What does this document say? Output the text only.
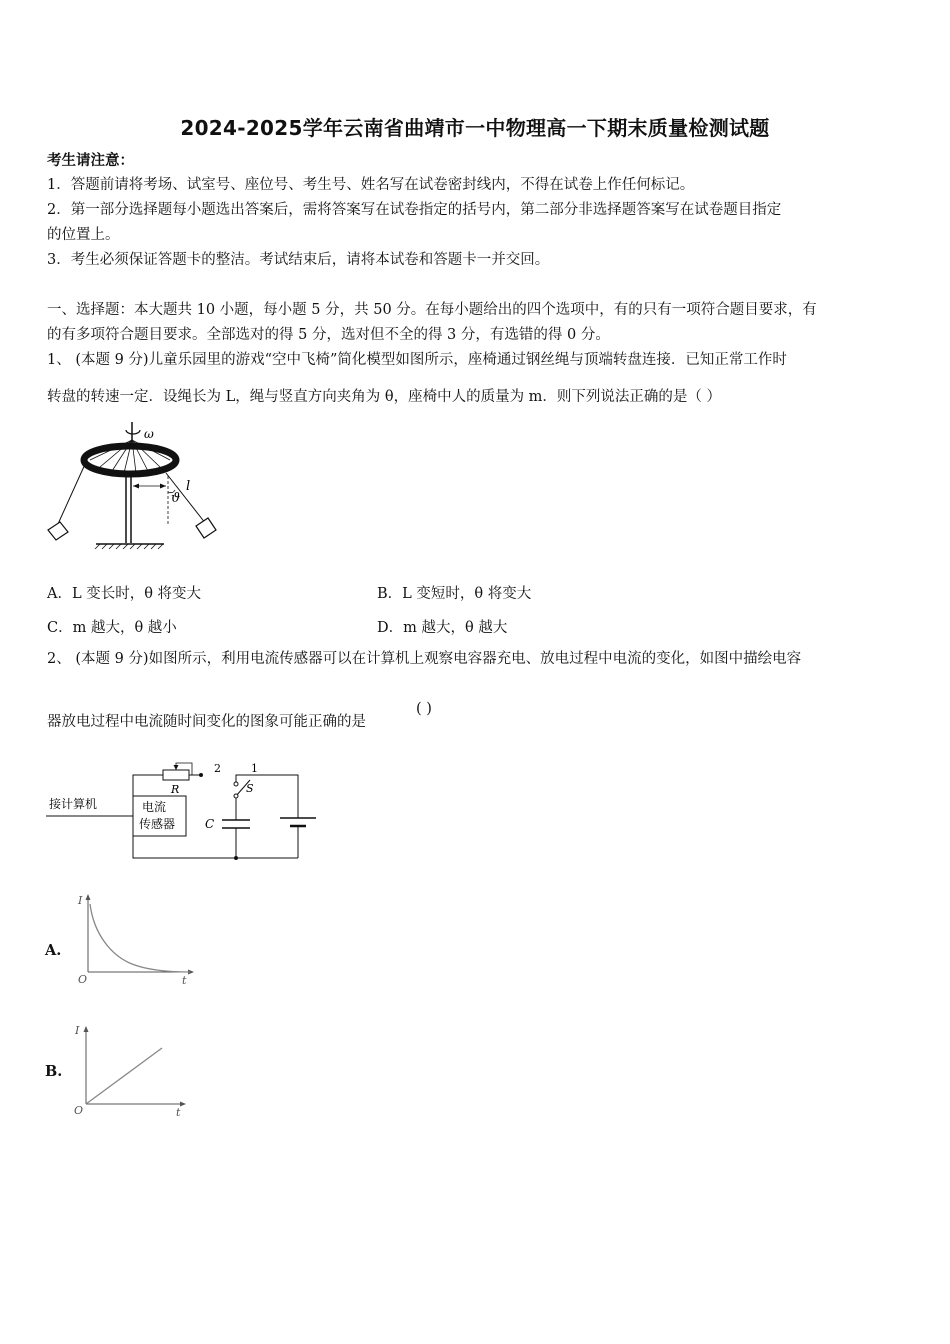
2024-2025学年云南省曲靖市一中物理高一下期末质量检测试题
考生请注意：
1．答题前请将考场、试室号、座位号、考生号、姓名写在试卷密封线内，不得在试卷上作任何标记。
2．第一部分选择题每小题选出答案后，需将答案写在试卷指定的括号内，第二部分非选择题答案写在试卷题目指定
的位置上。
3．考生必须保证答题卡的整洁。考试结束后，请将本试卷和答题卡一并交回。
一、选择题：本大题共 10 小题，每小题 5 分，共 50 分。在每小题给出的四个选项中，有的只有一项符合题目要求，有
的有多项符合题目要求。全部选对的得 5 分，选对但不全的得 3 分，有选错的得 0 分。
1、 (本题 9 分)儿童乐园里的游戏“空中飞椅”简化模型如图所示，座椅通过钢丝绳与顶端转盘连接．已知正常工作时
转盘的转速一定．设绳长为 L，绳与竖直方向夹角为 θ，座椅中人的质量为 m．则下列说法正确的是（ ）
ω
ϑ
l
A．L 变长时，θ 将变大	B．L 变短时，θ 将变大
C．m 越大，θ 越小	D．m 越大，θ 越大
2、 (本题 9 分)如图所示，利用电流传感器可以在计算机上观察电容器充电、放电过程中电流的变化，如图中描绘电容
器放电过程中电流随时间变化的图象可能正确的是
( )
接计算机	电流
传感器
R
2	1
S
C
A.
I
O	t
B.
I
O	t
